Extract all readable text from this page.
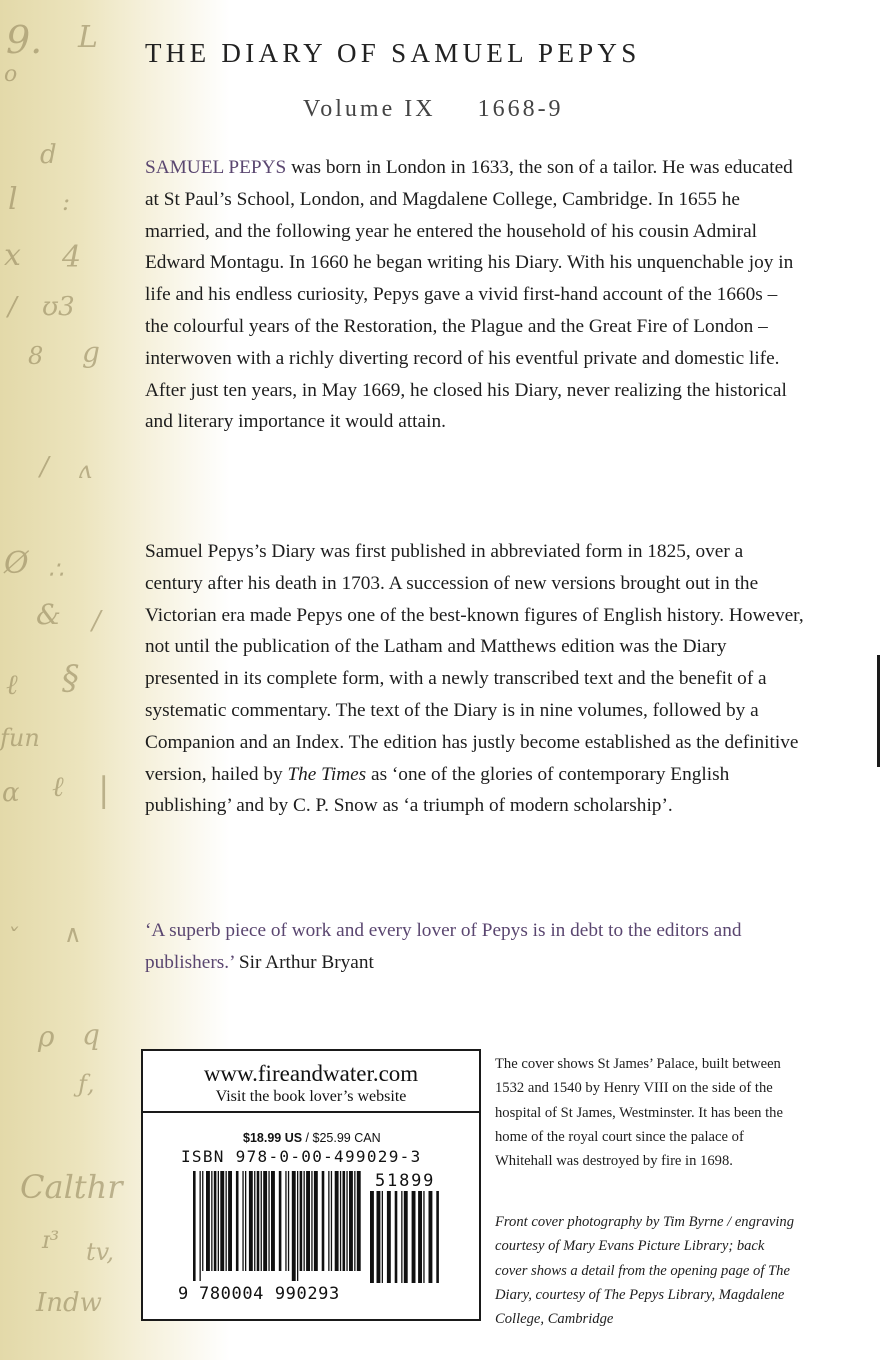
9. L
o
d
l :
x 4
/ ʊ3
8 g
/ ʌ
Ø ∴
& /
ℓ §
ƒun
ɑ ℓ |
ˇ ∧
ρ q
ƒ,
Calthr
ɪ³ tv,
Indw
THE DIARY OF SAMUEL PEPYS
Volume IX 1668-9

SAMUEL PEPYS was born in London in 1633, the son of a tailor. He was educated at St Paul’s School, London, and Magdalene College, Cambridge. In 1655 he married, and the following year he entered the household of his cousin Admiral Edward Montagu. In 1660 he began writing his Diary. With his unquenchable joy in life and his endless curiosity, Pepys gave a vivid first-hand account of the 1660s – the colourful years of the Restoration, the Plague and the Great Fire of London – interwoven with a richly diverting record of his eventful private and domestic life. After just ten years, in May 1669, he closed his Diary, never realizing the historical and literary importance it would attain.

Samuel Pepys’s Diary was first published in abbreviated form in 1825, over a century after his death in 1703. A succession of new versions brought out in the Victorian era made Pepys one of the best-known figures of English history. However, not until the publication of the Latham and Matthews edition was the Diary presented in its complete form, with a newly transcribed text and the benefit of a systematic commentary. The text of the Diary is in nine volumes, followed by a Companion and an Index. The edition has justly become established as the definitive version, hailed by The Times as ‘one of the glories of contemporary English publishing’ and by C. P. Snow as ‘a triumph of modern scholarship’.

‘A superb piece of work and every lover of Pepys is in debt to the editors and publishers.’ Sir Arthur Bryant

www.fireandwater.com
Visit the book lover’s website
$18.99 US / $25.99 CAN
ISBN 978-0-00-499029-3
51899
9 780004 990293

The cover shows St James’ Palace, built between 1532 and 1540 by Henry VIII on the side of the hospital of St James, Westminster. It has been the home of the royal court since the palace of Whitehall was destroyed by fire in 1698.

Front cover photography by Tim Byrne / engraving courtesy of Mary Evans Picture Library; back cover shows a detail from the opening page of The Diary, courtesy of The Pepys Library, Magdalene College, Cambridge
